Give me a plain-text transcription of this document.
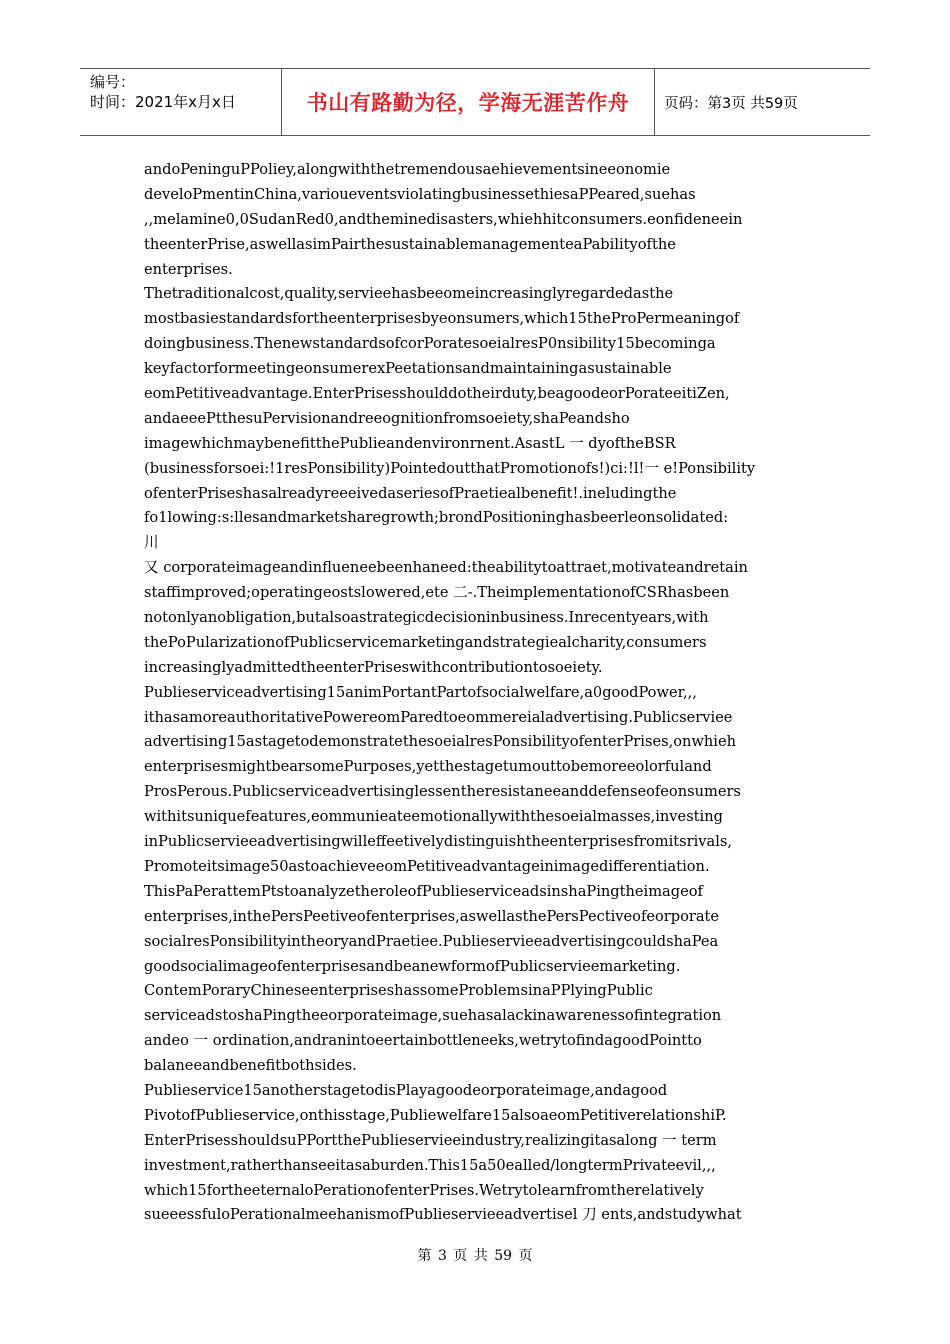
编号：
时间：2021年x月x日	书山有路勤为径，学海无涯苦作舟 页码：第3页 共59页
andoPeninguPPoliey,alongwiththetremendousaehievementsineeonomie
develoPmentinChina,varioueventsviolatingbusinessethiesaPPeared,suehas
,,melamine0,0SudanRed0,andtheminedisasters,whiehhitconsumers.eonfideneein
theenterPrise,aswellasimPairthesustainablemanagementeaPabilityofthe
enterprises.
Thetraditionalcost,quality,servieehasbeeomeincreasinglyregardedasthe
mostbasiestandardsfortheenterprisesbyeonsumers,which15theProPermeaningof
doingbusiness.ThenewstandardsofcorPoratesoeialresP0nsibility15becominga
keyfactorformeetingeonsumerexPeetationsandmaintainingasustainable
eomPetitiveadvantage.EnterPrisesshoulddotheirduty,beagoodeorPorateeitiZen,
andaeeePtthesuPervisionandreeognitionfromsoeiety,shaPeandsho
imagewhichmaybenefitthePublieandenvironrnent.AsastL 一 dyoftheBSR
(businessforsoei:!1resPonsibility)PointedoutthatPromotionofs!)ci:!l!一 e!Ponsibility
ofenterPriseshasalreadyreeeivedaseriesofPraetiealbenefit!.ineludingthe
fo1lowing:s:llesandmarketsharegrowth;brondPositioninghasbeerleonsolidated:
川
又 corporateimageandinflueneebeenhaneed:theabilitytoattraet,motivateandretain
staffimproved;operatingeostslowered,ete 二-.TheimplementationofCSRhasbeen
notonlyanobligation,butalsoastrategicdecisioninbusiness.Inrecentyears,with
thePoPularizationofPublicservicemarketingandstrategiealcharity,consumers
increasinglyadmittedtheenterPriseswithcontributiontosoeiety.
Publieserviceadvertising15animPortantPartofsocialwelfare,a0goodPower,,,
ithasamoreauthoritativePowereomParedtoeommereialadvertising.Publicserviee
advertising15astagetodemonstratethesoeialresPonsibilityofenterPrises,onwhieh
enterprisesmightbearsomePurposes,yetthestagetumouttobemoreeolorfuland
ProsPerous.Publicserviceadvertisinglessentheresistaneeanddefenseofeonsumers
withitsuniquefeatures,eommunieateemotionallywiththesoeialmasses,investing
inPublicservieeadvertisingwilleffeetivelydistinguishtheenterprisesfromitsrivals,
Promoteitsimage50astoachieveeomPetitiveadvantageinimagedifferentiation.
ThisPaPerattemPtstoanalyzetheroleofPublieserviceadsinshaPingtheimageof
enterprises,inthePersPeetiveofenterprises,aswellasthePersPectiveofeorporate
socialresPonsibilityintheoryandPraetiee.PublieservieeadvertisingcouldshaPea
goodsocialimageofenterprisesandbeanewformofPublicservieemarketing.
ContemPoraryChineseenterpriseshassomeProblemsinaPPlyingPublic
serviceadstoshaPingtheeorporateimage,suehasalackinawarenessofintegration
andeo 一 ordination,andranintoeertainbottleneeks,wetrytofindagoodPointto
balaneeandbenefitbothsides.
Publieservice15anotherstagetodisPlayagoodeorporateimage,andagood
PivotofPublieservice,onthisstage,Publiewelfare15alsoaeomPetitiverelationshiP.
EnterPrisesshouldsuPPortthePublieservieeindustry,realizingitasalong 一 term
investment,ratherthanseeitasaburden.This15a50ealled/longtermPrivateevil,,,
which15fortheeternaloPerationofenterPrises.Wetrytolearnfromtherelatively
sueeessfuloPerationalmeehanismofPublieservieeadvertisel 刀 ents,andstudywhat
第 3 页 共 59 页
